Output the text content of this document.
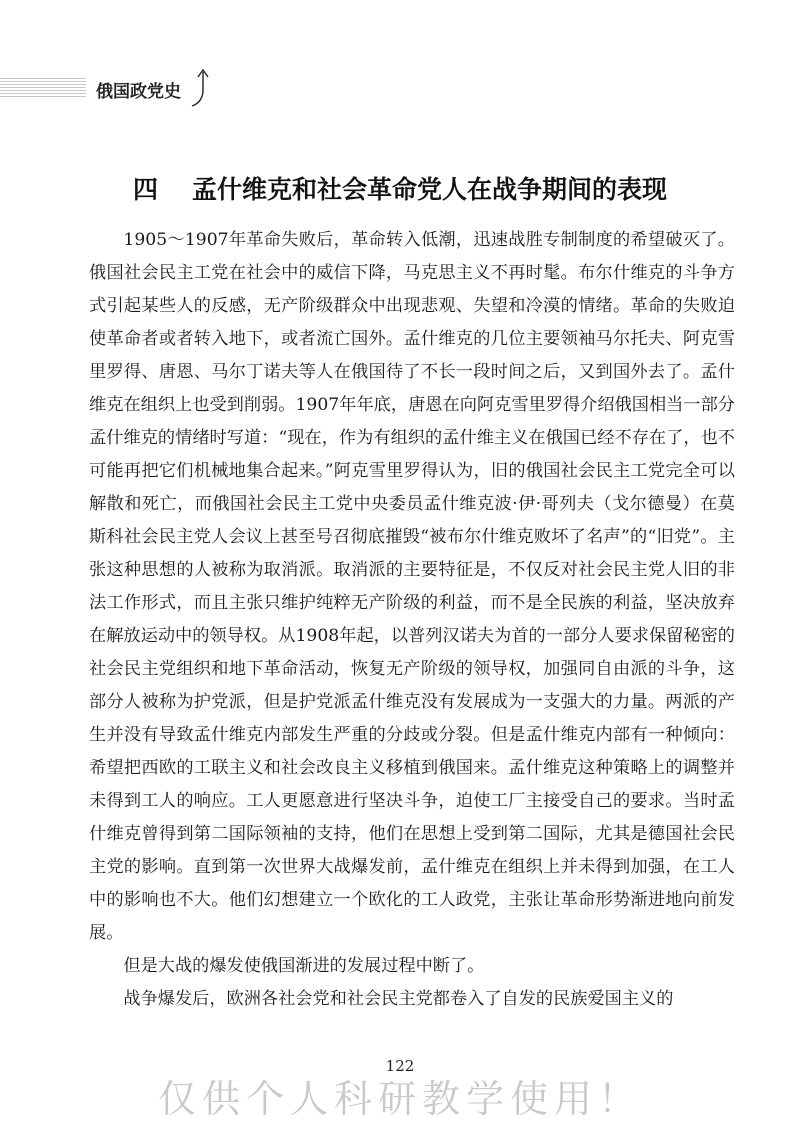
俄国政党史
四 孟什维克和社会革命党人在战争期间的表现

1905～1907年革命失败后，革命转入低潮，迅速战胜专制制度的希望破灭了。俄国社会民主工党在社会中的威信下降，马克思主义不再时髦。布尔什维克的斗争方式引起某些人的反感，无产阶级群众中出现悲观、失望和冷漠的情绪。革命的失败迫使革命者或者转入地下，或者流亡国外。孟什维克的几位主要领袖马尔托夫、阿克雪里罗得、唐恩、马尔丁诺夫等人在俄国待了不长一段时间之后，又到国外去了。孟什维克在组织上也受到削弱。1907年年底，唐恩在向阿克雪里罗得介绍俄国相当一部分孟什维克的情绪时写道：“现在，作为有组织的孟什维主义在俄国已经不存在了，也不可能再把它们机械地集合起来。”阿克雪里罗得认为，旧的俄国社会民主工党完全可以解散和死亡，而俄国社会民主工党中央委员孟什维克波·伊·哥列夫（戈尔德曼）在莫斯科社会民主党人会议上甚至号召彻底摧毁“被布尔什维克败坏了名声”的“旧党”。主张这种思想的人被称为取消派。取消派的主要特征是，不仅反对社会民主党人旧的非法工作形式，而且主张只维护纯粹无产阶级的利益，而不是全民族的利益，坚决放弃在解放运动中的领导权。从1908年起，以普列汉诺夫为首的一部分人要求保留秘密的社会民主党组织和地下革命活动，恢复无产阶级的领导权，加强同自由派的斗争，这部分人被称为护党派，但是护党派孟什维克没有发展成为一支强大的力量。两派的产生并没有导致孟什维克内部发生严重的分歧或分裂。但是孟什维克内部有一种倾向：希望把西欧的工联主义和社会改良主义移植到俄国来。孟什维克这种策略上的调整并未得到工人的响应。工人更愿意进行坚决斗争，迫使工厂主接受自己的要求。当时孟什维克曾得到第二国际领袖的支持，他们在思想上受到第二国际，尤其是德国社会民主党的影响。直到第一次世界大战爆发前，孟什维克在组织上并未得到加强，在工人中的影响也不大。他们幻想建立一个欧化的工人政党，主张让革命形势渐进地向前发展。

但是大战的爆发使俄国渐进的发展过程中断了。

战争爆发后，欧洲各社会党和社会民主党都卷入了自发的民族爱国主义的

122
仅供个人科研教学使用！
